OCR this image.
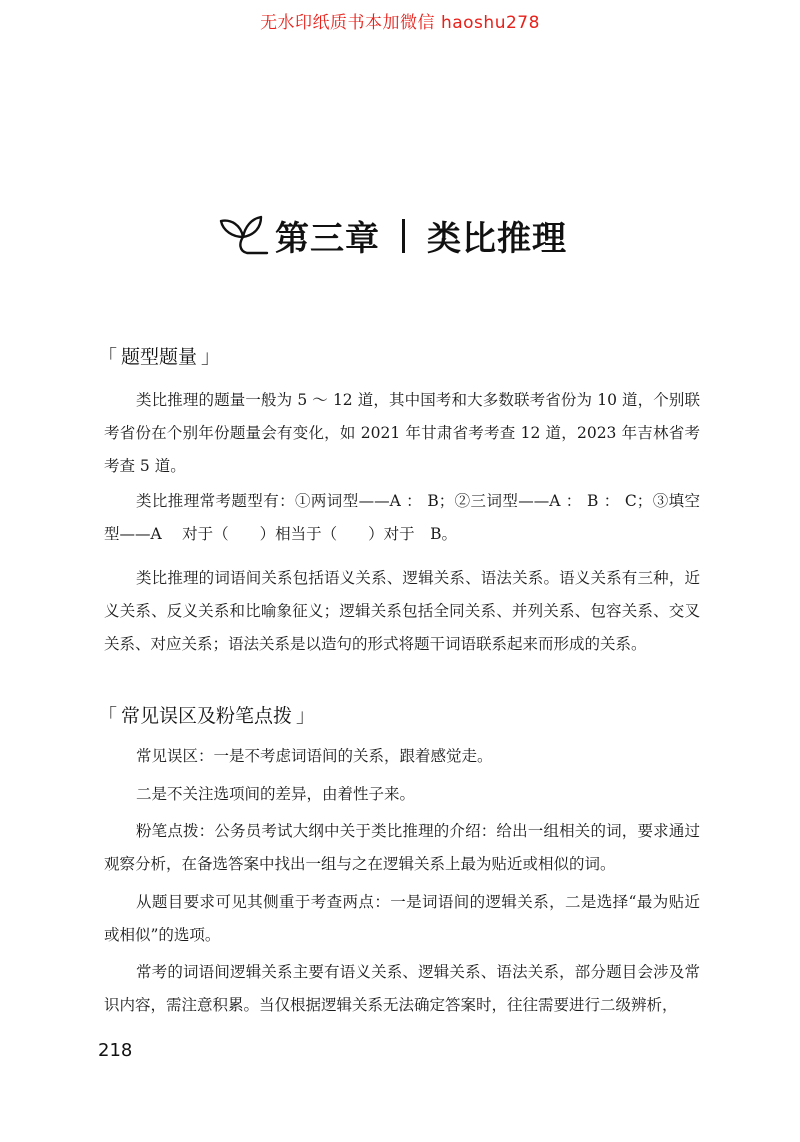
无水印纸质书本加微信 haoshu278
第三章 类比推理
「 题型题量 」

类比推理的题量一般为 5 ～ 12 道，其中国考和大多数联考省份为 10 道，个别联考省份在个别年份题量会有变化，如 2021 年甘肃省考考查 12 道，2023 年吉林省考考查 5 道。

类比推理常考题型有：①两词型——A ： B；②三词型——A ： B ： C；③填空型——A 　对于（　　）相当于（　　）对于　B。

类比推理的词语间关系包括语义关系、逻辑关系、语法关系。语义关系有三种，近义关系、反义关系和比喻象征义；逻辑关系包括全同关系、并列关系、包容关系、交叉关系、对应关系；语法关系是以造句的形式将题干词语联系起来而形成的关系。

「 常见误区及粉笔点拨 」

常见误区：一是不考虑词语间的关系，跟着感觉走。

二是不关注选项间的差异，由着性子来。

粉笔点拨：公务员考试大纲中关于类比推理的介绍：给出一组相关的词，要求通过观察分析，在备选答案中找出一组与之在逻辑关系上最为贴近或相似的词。

从题目要求可见其侧重于考查两点：一是词语间的逻辑关系，二是选择“最为贴近或相似”的选项。

常考的词语间逻辑关系主要有语义关系、逻辑关系、语法关系，部分题目会涉及常识内容，需注意积累。当仅根据逻辑关系无法确定答案时，往往需要进行二级辨析，

218
